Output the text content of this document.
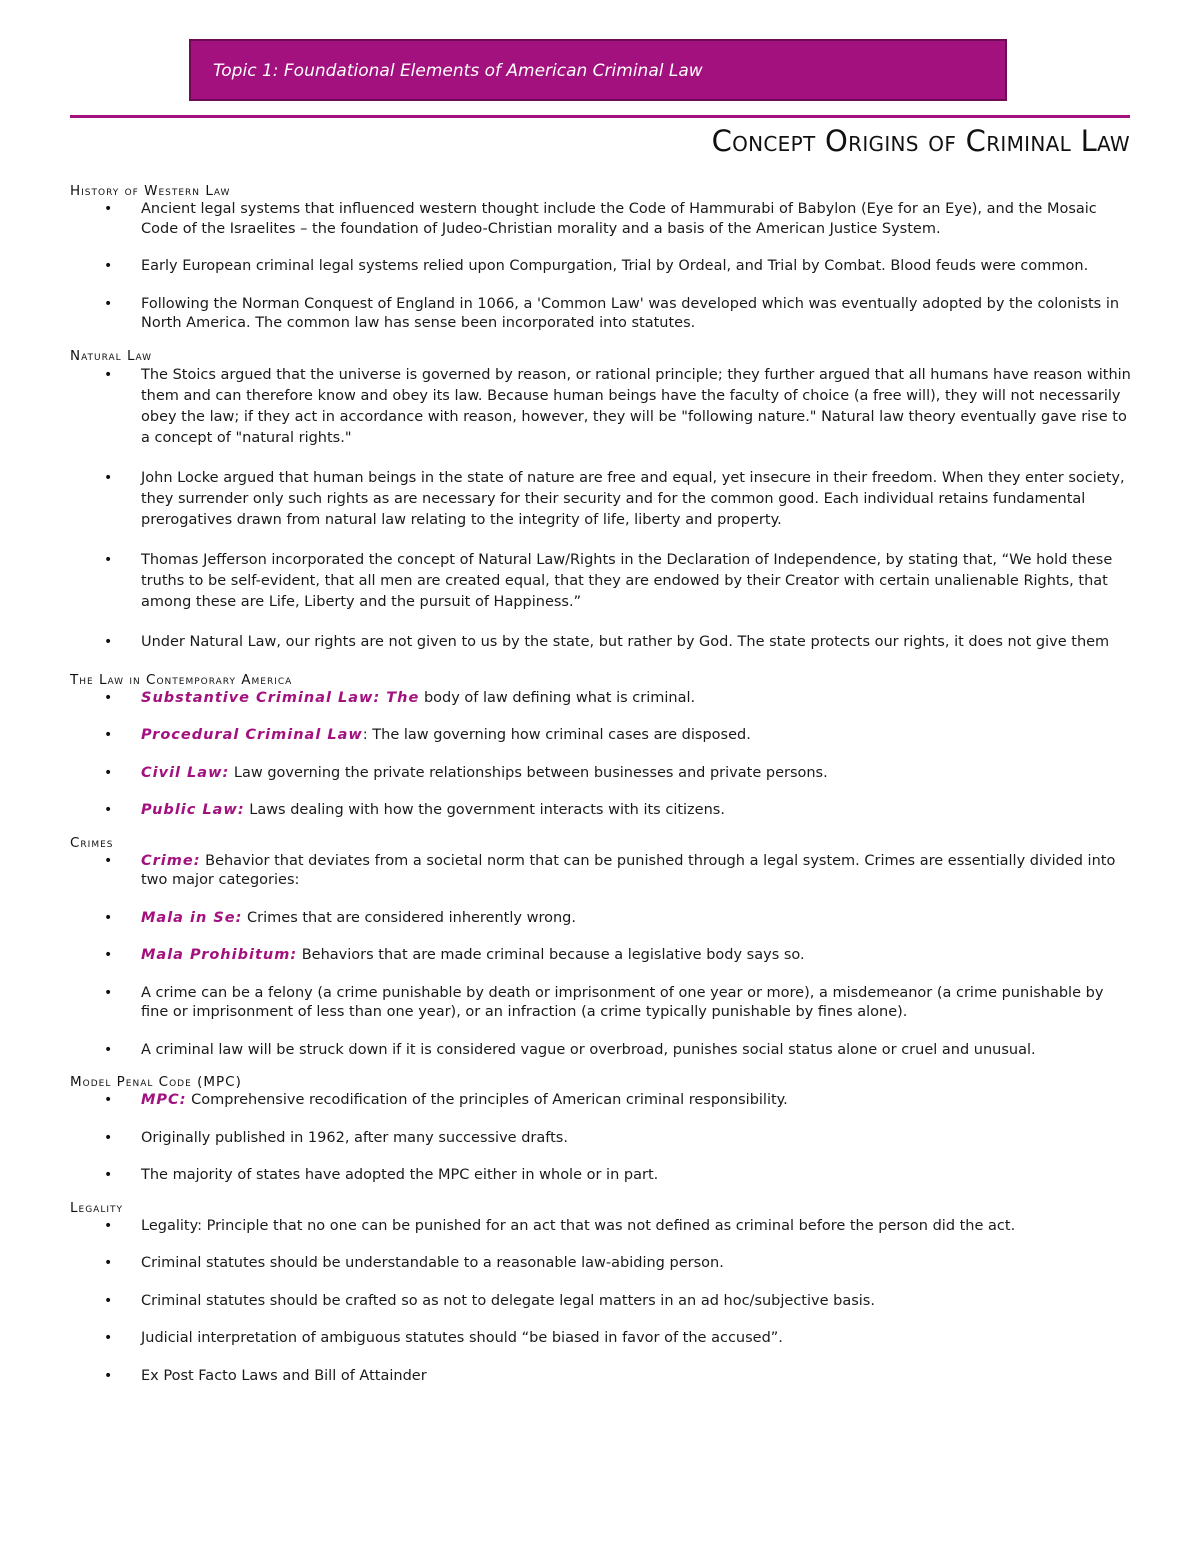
Topic 1: Foundational Elements of American Criminal Law
Concept Origins of Criminal Law
History of Western Law
• Ancient legal systems that influenced western thought include the Code of Hammurabi of Babylon (Eye for an Eye), and the Mosaic Code of the Israelites – the foundation of Judeo-Christian morality and a basis of the American Justice System.
• Early European criminal legal systems relied upon Compurgation, Trial by Ordeal, and Trial by Combat. Blood feuds were common.
• Following the Norman Conquest of England in 1066, a 'Common Law' was developed which was eventually adopted by the colonists in North America. The common law has sense been incorporated into statutes.
Natural Law
• The Stoics argued that the universe is governed by reason, or rational principle; they further argued that all humans have reason within them and can therefore know and obey its law. Because human beings have the faculty of choice (a free will), they will not necessarily obey the law; if they act in accordance with reason, however, they will be "following nature." Natural law theory eventually gave rise to a concept of "natural rights."
• John Locke argued that human beings in the state of nature are free and equal, yet insecure in their freedom. When they enter society, they surrender only such rights as are necessary for their security and for the common good. Each individual retains fundamental prerogatives drawn from natural law relating to the integrity of life, liberty and property.
• Thomas Jefferson incorporated the concept of Natural Law/Rights in the Declaration of Independence, by stating that, “We hold these truths to be self-evident, that all men are created equal, that they are endowed by their Creator with certain unalienable Rights, that among these are Life, Liberty and the pursuit of Happiness.”
• Under Natural Law, our rights are not given to us by the state, but rather by God. The state protects our rights, it does not give them
The Law in Contemporary America
• Substantive Criminal Law: The body of law defining what is criminal.
• Procedural Criminal Law: The law governing how criminal cases are disposed.
• Civil Law: Law governing the private relationships between businesses and private persons.
• Public Law: Laws dealing with how the government interacts with its citizens.
Crimes
• Crime: Behavior that deviates from a societal norm that can be punished through a legal system. Crimes are essentially divided into two major categories:
• Mala in Se: Crimes that are considered inherently wrong.
• Mala Prohibitum: Behaviors that are made criminal because a legislative body says so.
• A crime can be a felony (a crime punishable by death or imprisonment of one year or more), a misdemeanor (a crime punishable by fine or imprisonment of less than one year), or an infraction (a crime typically punishable by fines alone).
• A criminal law will be struck down if it is considered vague or overbroad, punishes social status alone or cruel and unusual.
Model Penal Code (MPC)
• MPC: Comprehensive recodification of the principles of American criminal responsibility.
• Originally published in 1962, after many successive drafts.
• The majority of states have adopted the MPC either in whole or in part.
Legality
• Legality: Principle that no one can be punished for an act that was not defined as criminal before the person did the act.
• Criminal statutes should be understandable to a reasonable law-abiding person.
• Criminal statutes should be crafted so as not to delegate legal matters in an ad hoc/subjective basis.
• Judicial interpretation of ambiguous statutes should “be biased in favor of the accused”.
• Ex Post Facto Laws and Bill of Attainder
